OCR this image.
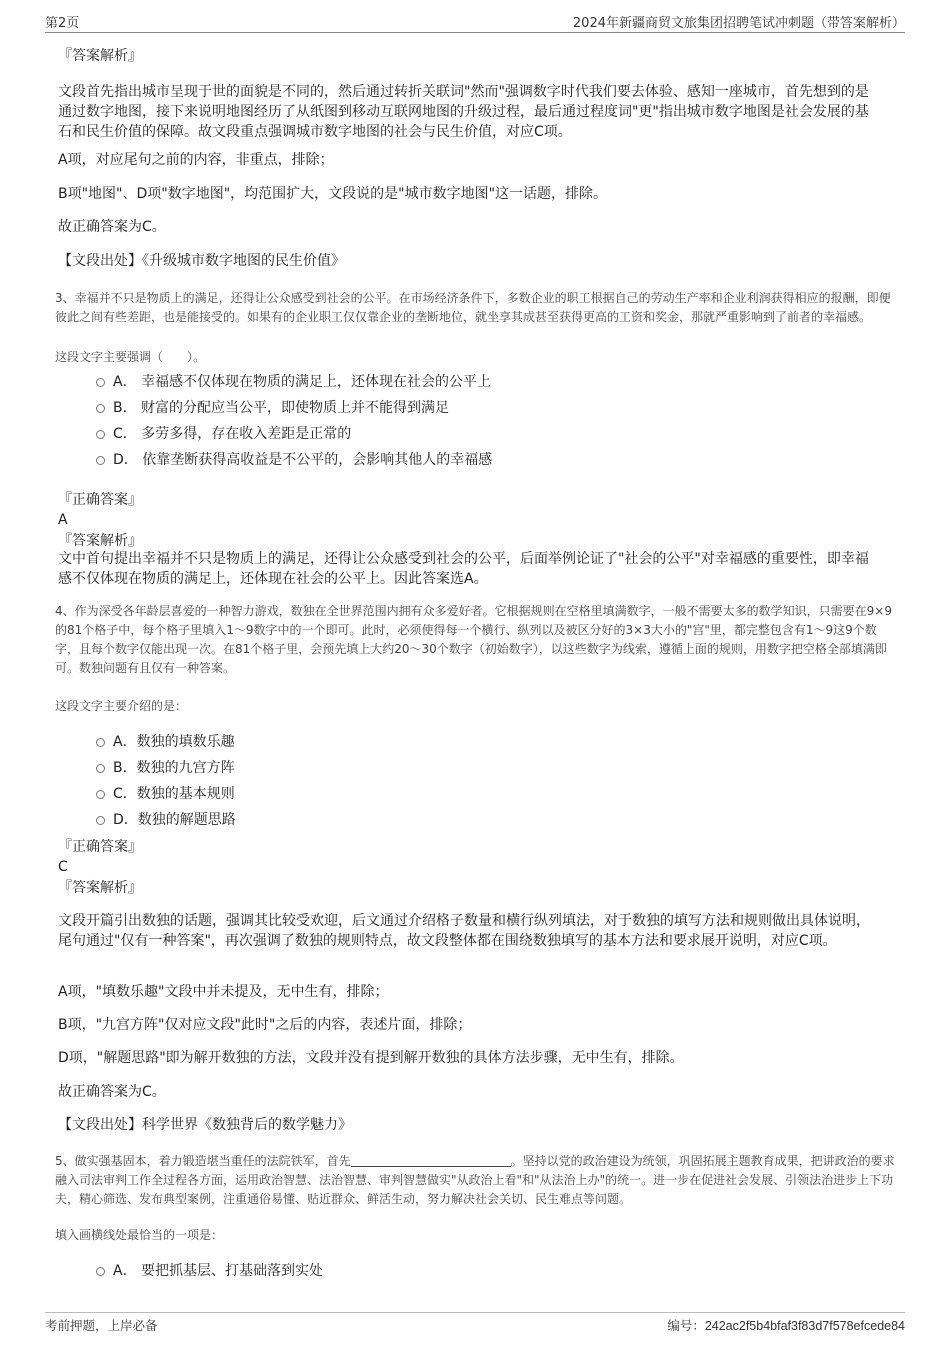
第2页	2024年新疆商贸文旅集团招聘笔试冲刺题（带答案解析）
『答案解析』
文段首先指出城市呈现于世的面貌是不同的，然后通过转折关联词"然而"强调数字时代我们要去体验、感知一座城市，首先想到的是通过数字地图，接下来说明地图经历了从纸图到移动互联网地图的升级过程，最后通过程度词"更"指出城市数字地图是社会发展的基石和民生价值的保障。故文段重点强调城市数字地图的社会与民生价值，对应C项。
A项，对应尾句之前的内容，非重点，排除；
B项"地图"、D项"数字地图"，均范围扩大，文段说的是"城市数字地图"这一话题，排除。
故正确答案为C。
【文段出处】《升级城市数字地图的民生价值》
3、幸福并不只是物质上的满足，还得让公众感受到社会的公平。在市场经济条件下，多数企业的职工根据自己的劳动生产率和企业利润获得相应的报酬，即便彼此之间有些差距，也是能接受的。如果有的企业职工仅仅靠企业的垄断地位，就坐享其成甚至获得更高的工资和奖金，那就严重影响到了前者的幸福感。
这段文字主要强调（　　）。
A． 幸福感不仅体现在物质的满足上，还体现在社会的公平上
B． 财富的分配应当公平，即使物质上并不能得到满足
C． 多劳多得，存在收入差距是正常的
D． 依靠垄断获得高收益是不公平的，会影响其他人的幸福感
『正确答案』
A
『答案解析』
文中首句提出幸福并不只是物质上的满足，还得让公众感受到社会的公平，后面举例论证了"社会的公平"对幸福感的重要性，即幸福感不仅体现在物质的满足上，还体现在社会的公平上。因此答案选A。
4、作为深受各年龄层喜爱的一种智力游戏，数独在全世界范围内拥有众多爱好者。它根据规则在空格里填满数字，一般不需要太多的数学知识，只需要在9×9的81个格子中，每个格子里填入1～9数字中的一个即可。此时，必须使得每一个横行、纵列以及被区分好的3×3大小的"宫"里，都完整包含有1～9这9个数字，且每个数字仅能出现一次。在81个格子里，会预先填上大约20～30个数字（初始数字），以这些数字为线索，遵循上面的规则，用数字把空格全部填满即可。数独问题有且仅有一种答案。
这段文字主要介绍的是：
A．数独的填数乐趣
B．数独的九宫方阵
C．数独的基本规则
D．数独的解题思路
『正确答案』
C
『答案解析』
文段开篇引出数独的话题，强调其比较受欢迎，后文通过介绍格子数量和横行纵列填法，对于数独的填写方法和规则做出具体说明，尾句通过"仅有一种答案"，再次强调了数独的规则特点，故文段整体都在围绕数独填写的基本方法和要求展开说明，对应C项。
A项，"填数乐趣"文段中并未提及，无中生有，排除；
B项，"九宫方阵"仅对应文段"此时"之后的内容，表述片面，排除；
D项，"解题思路"即为解开数独的方法，文段并没有提到解开数独的具体方法步骤，无中生有，排除。
故正确答案为C。
【文段出处】科学世界《数独背后的数学魅力》
5、做实强基固本，着力锻造堪当重任的法院铁军，首先	。坚持以党的政治建设为统领，巩固拓展主题教育成果，把讲政治的要求融入司法审判工作全过程各方面，运用政治智慧、法治智慧、审判智慧做实"从政治上看"和"从法治上办"的统一。进一步在促进社会发展、引领法治进步上下功夫，精心筛选、发布典型案例，注重通俗易懂、贴近群众、鲜活生动，努力解决社会关切、民生难点等问题。
填入画横线处最恰当的一项是：
A． 要把抓基层、打基础落到实处
考前押题，上岸必备	编号：242ac2f5b4bfaf3f83d7f578efcede84
